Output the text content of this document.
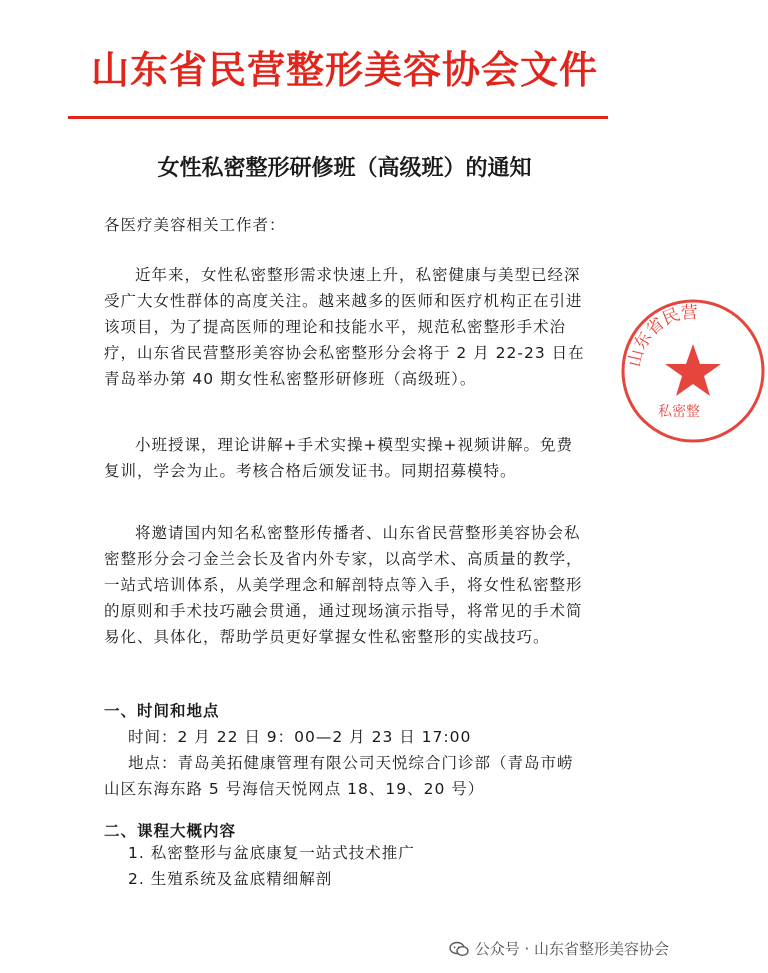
山东省民营整形美容协会文件
女性私密整形研修班（高级班）的通知

各医疗美容相关工作者：

近年来，女性私密整形需求快速上升，私密健康与美型已经深受广大女性群体的高度关注。越来越多的医师和医疗机构正在引进该项目，为了提高医师的理论和技能水平，规范私密整形手术治疗，山东省民营整形美容协会私密整形分会将于 2 月 22-23 日在青岛举办第 40 期女性私密整形研修班（高级班）。

小班授课，理论讲解+手术实操+模型实操+视频讲解。免费复训，学会为止。考核合格后颁发证书。同期招募模特。

将邀请国内知名私密整形传播者、山东省民营整形美容协会私密整形分会刁金兰会长及省内外专家，以高学术、高质量的教学，一站式培训体系，从美学理念和解剖特点等入手，将女性私密整形的原则和手术技巧融会贯通，通过现场演示指导，将常见的手术简易化、具体化，帮助学员更好掌握女性私密整形的实战技巧。

一、时间和地点

时间：2 月 22 日 9：00—2 月 23 日 17:00

地点：青岛美拓健康管理有限公司天悦综合门诊部（青岛市崂山区东海东路 5 号海信天悦网点 18、19、20 号）

二、课程大概内容

1. 私密整形与盆底康复一站式技术推广
2. 生殖系统及盆底精细解剖
山东省民营
私密整
公众号 · 山东省整形美容协会
